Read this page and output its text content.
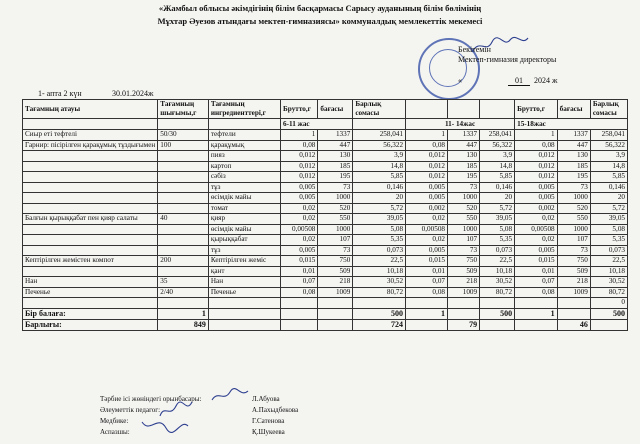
«Жамбыл облысы әкімдігінің білім басқармасы Сарысу ауданының білім бөлімінің
Мұхтар Әуезов атындағы мектеп-гимназиясы» коммуналдық мемлекеттік мекемесі
Бекітемін
Мектеп-гимназия директоры
«	01	2024 ж
1- апта 2 күн	30.01.2024ж
Тағамның атауы	Тағамның шығымы,г	Тағамның ингредиенттері,г	Брутто,г	бағасы	Барлық сомасы				Брутто,г	бағасы	Барлық сомасы
			6-11 жас			11- 14жас			15-18жас		
Сиыр еті тефтелі	50/30	тефтели	1	1337	258,041	1	1337	258,041	1	1337	258,041
Гарнир: пісірілген қарақұмық тұздығымен	100	қарақұмық	0,08	447	56,322	0,08	447	56,322	0,08	447	56,322
		пияз	0,012	130	3,9	0,012	130	3,9	0,012	130	3,9
		картоп	0,012	185	14,8	0,012	185	14,8	0,012	185	14,8
		сәбіз	0,012	195	5,85	0,012	195	5,85	0,012	195	5,85
		тұз	0,005	73	0,146	0,005	73	0,146	0,005	73	0,146
		өсімдік майы	0,005	1000	20	0,005	1000	20	0,005	1000	20
		томат	0,02	520	5,72	0,002	520	5,72	0,002	520	5,72
Балғын қырыққабат пен қияр салаты	40	қияр	0,02	550	39,05	0,02	550	39,05	0,02	550	39,05
		өсімдік майы	0,00508	1000	5,08	0,00508	1000	5,08	0,00508	1000	5,08
		қырыққабат	0,02	107	5,35	0,02	107	5,35	0,02	107	5,35
		тұз	0,005	73	0,073	0,005	73	0,073	0,005	73	0,073
Кептірілген жемістен компот	200	Кептірілген жеміс	0,015	750	22,5	0,015	750	22,5	0,015	750	22,5
		қант	0,01	509	10,18	0,01	509	10,18	0,01	509	10,18
Нан	35	Нан	0,07	218	30,52	0,07	218	30,52	0,07	218	30,52
Печенье	2/40	Печенье	0,08	1009	80,72	0,08	1009	80,72	0,08	1009	80,72
											0
Бір балаға:	1				500	1		500	1		500
Барлығы:	849				724		79			46	
Тәрбие ісі жөніндегі орынбасары:	Л.Абуова
Әлеуметтік педагог:	А.Пахыдбекова
Медбике:	Г.Сатенова
Аспазшы:	Қ.Шукеева
